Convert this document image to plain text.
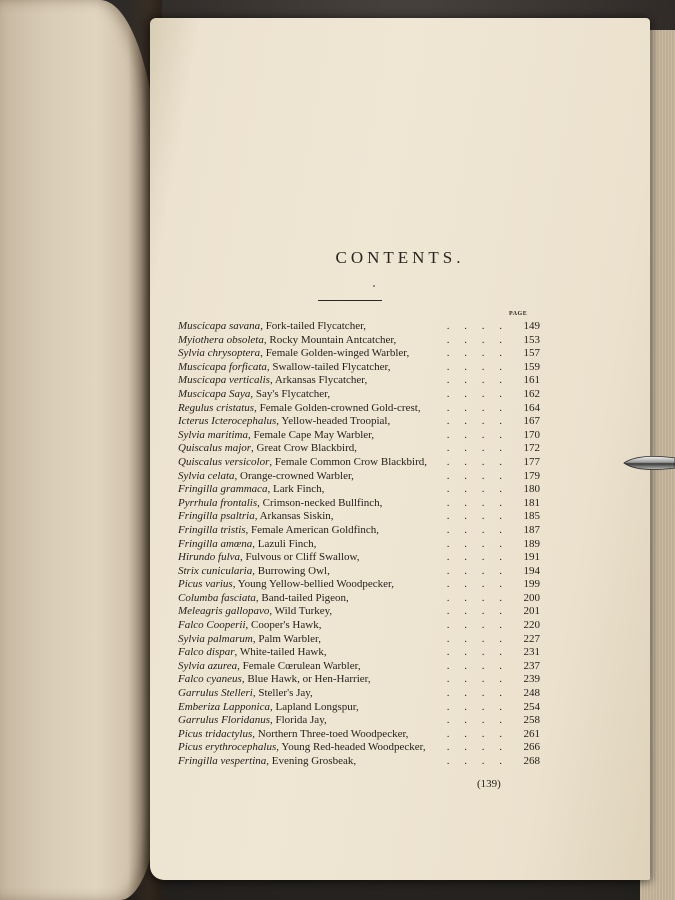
CONTENTS.
PAGE
Muscicapa savana, Fork-tailed Flycatcher,	. . . .	149
Myiothera obsoleta, Rocky Mountain Antcatcher,	. . . .	153
Sylvia chrysoptera, Female Golden-winged Warbler,	. . . .	157
Muscicapa forficata, Swallow-tailed Flycatcher,	. . . .	159
Muscicapa verticalis, Arkansas Flycatcher,	. . . .	161
Muscicapa Saya, Say's Flycatcher,	. . . .	162
Regulus cristatus, Female Golden-crowned Gold-crest,	. . . .	164
Icterus Icterocephalus, Yellow-headed Troopial,	. . . .	167
Sylvia maritima, Female Cape May Warbler,	. . . .	170
Quiscalus major, Great Crow Blackbird,	. . . .	172
Quiscalus versicolor, Female Common Crow Blackbird,	. . . .	177
Sylvia celata, Orange-crowned Warbler,	. . . .	179
Fringilla grammaca, Lark Finch,	. . . .	180
Pyrrhula frontalis, Crimson-necked Bullfinch,	. . . .	181
Fringilla psaltria, Arkansas Siskin,	. . . .	185
Fringilla tristis, Female American Goldfinch,	. . . .	187
Fringilla amœna, Lazuli Finch,	. . . .	189
Hirundo fulva, Fulvous or Cliff Swallow,	. . . .	191
Strix cunicularia, Burrowing Owl,	. . . .	194
Picus varius, Young Yellow-bellied Woodpecker,	. . . .	199
Columba fasciata, Band-tailed Pigeon,	. . . .	200
Meleagris gallopavo, Wild Turkey,	. . . .	201
Falco Cooperii, Cooper's Hawk,	. . . .	220
Sylvia palmarum, Palm Warbler,	. . . .	227
Falco dispar, White-tailed Hawk,	. . . .	231
Sylvia azurea, Female Cœrulean Warbler,	. . . .	237
Falco cyaneus, Blue Hawk, or Hen-Harrier,	. . . .	239
Garrulus Stelleri, Steller's Jay,	. . . .	248
Emberiza Lapponica, Lapland Longspur,	. . . .	254
Garrulus Floridanus, Florida Jay,	. . . .	258
Picus tridactylus, Northern Three-toed Woodpecker,	. . . .	261
Picus erythrocephalus, Young Red-headed Woodpecker,	. . . .	266
Fringilla vespertina, Evening Grosbeak,	. . . .	268
(139)
